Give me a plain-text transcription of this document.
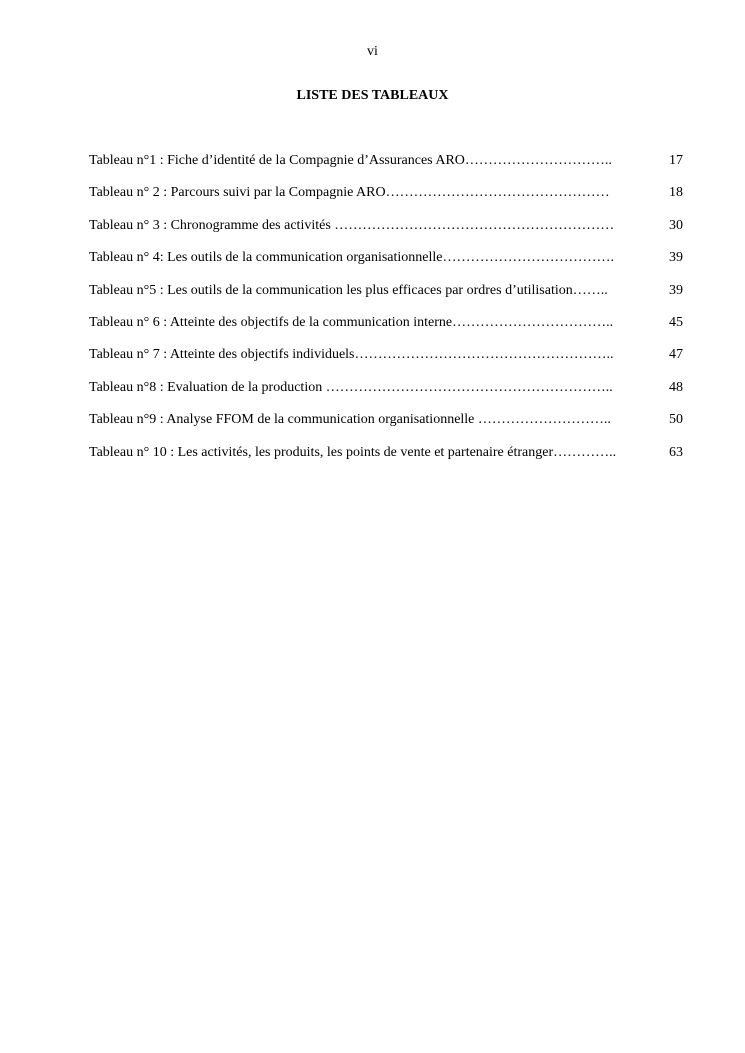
vi
LISTE DES TABLEAUX
Tableau n°1 : Fiche d’identité de la Compagnie d’Assurances ARO…………………………..	17
Tableau n° 2 : Parcours suivi par la Compagnie ARO…………………………………………	18
Tableau n° 3 : Chronogramme des activités ……………………………………………………	30
Tableau n° 4: Les outils de la communication organisationnelle……………………………….	39
Tableau n°5 : Les outils de la communication les plus efficaces par ordres d’utilisation……..	39
Tableau n° 6 : Atteinte des objectifs de la communication interne……………………………..	45
Tableau n° 7 : Atteinte des objectifs individuels………………………………………………..	47
Tableau n°8 : Evaluation de la production ……………………………………………………..	48
Tableau n°9 : Analyse FFOM de la communication organisationnelle ………………………..	50
Tableau n° 10 : Les activités, les produits, les points de vente et partenaire étranger…………..	63
